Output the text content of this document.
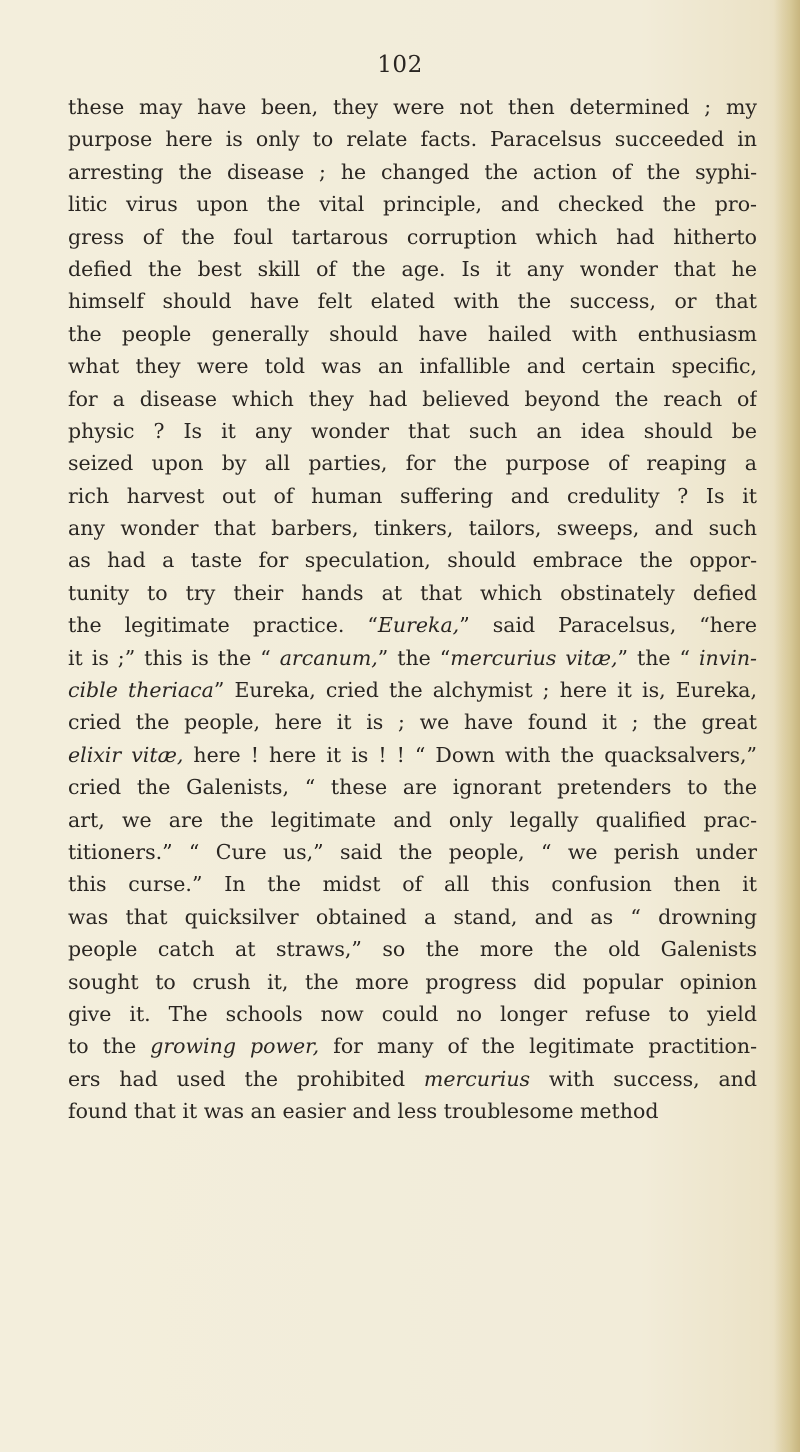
102
these may have been, they were not then determined ; my
purpose here is only to relate facts. Paracelsus succeeded in
arresting the disease ; he changed the action of the syphi-
litic virus upon the vital principle, and checked the pro-
gress of the foul tartarous corruption which had hitherto
defied the best skill of the age. Is it any wonder that he
himself should have felt elated with the success, or that
the people generally should have hailed with enthusiasm
what they were told was an infallible and certain specific,
for a disease which they had believed beyond the reach of
physic ? Is it any wonder that such an idea should be
seized upon by all parties, for the purpose of reaping a
rich harvest out of human suffering and credulity ? Is it
any wonder that barbers, tinkers, tailors, sweeps, and such
as had a taste for speculation, should embrace the oppor-
tunity to try their hands at that which obstinately defied
the legitimate practice. “Eureka,” said Paracelsus, “here
it is ;” this is the “ arcanum,” the “mercurius vitæ,” the “ invin-
cible theriaca” Eureka, cried the alchymist ; here it is, Eureka,
cried the people, here it is ; we have found it ; the great
elixir vitæ, here ! here it is ! ! “ Down with the quacksalvers,”
cried the Galenists, “ these are ignorant pretenders to the
art, we are the legitimate and only legally qualified prac-
titioners.” “ Cure us,” said the people, “ we perish under
this curse.” In the midst of all this confusion then it
was that quicksilver obtained a stand, and as “ drowning
people catch at straws,” so the more the old Galenists
sought to crush it, the more progress did popular opinion
give it. The schools now could no longer refuse to yield
to the growing power, for many of the legitimate practition-
ers had used the prohibited mercurius with success, and
found that it was an easier and less troublesome method
